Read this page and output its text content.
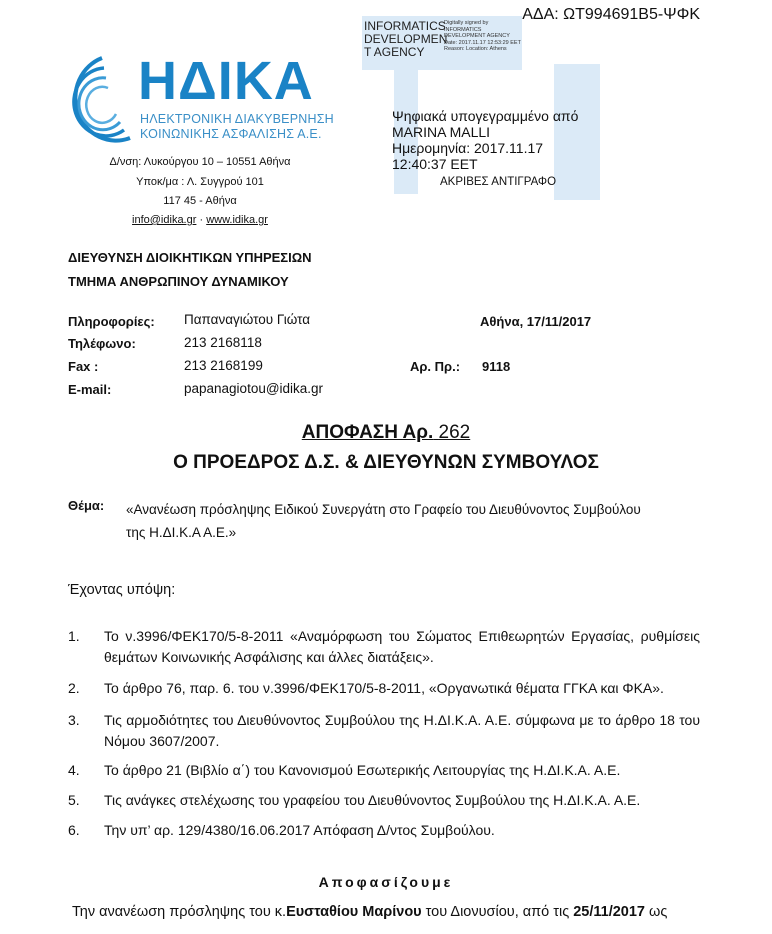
ΑΔΑ: ΩΤ994691Β5-ΨΦΚ
ΗΔΙΚΑ
ΗΛΕΚΤΡΟΝΙΚΗ ΔΙΑΚΥΒΕΡΝΗΣΗ
ΚΟΙΝΩΝΙΚΗΣ ΑΣΦΑΛΙΣΗΣ Α.Ε.
Δ/νση: Λυκούργου 10 – 10551 Αθήνα
Υποκ/μα : Λ. Συγγρού 101
117 45 - Αθήνα
info@idika.gr · www.idika.gr
INFORMATICS DEVELOPMEN T AGENCY
Digitally signed by INFORMATICS DEVELOPMENT AGENCY Date: 2017.11.17 12:53:29 EET Reason: Location: Athens
Ψηφιακά υπογεγραμμένο από
MARINA MALLI
Ημερομηνία: 2017.11.17
12:40:37 EET
ΑΚΡΙΒΕΣ ΑΝΤΙΓΡΑΦΟ
ΔΙΕΥΘΥΝΣΗ ΔΙΟΙΚΗΤΙΚΩΝ ΥΠΗΡΕΣΙΩΝ
ΤΜΗΜΑ ΑΝΘΡΩΠΙΝΟΥ ΔΥΝΑΜΙΚΟΥ
Πληροφορίες: Παπαναγιώτου Γιώτα
Τηλέφωνο:	213 2168118
Fax :	213 2168199
E-mail:	papanagiotou@idika.gr
Αθήνα, 17/11/2017
Αρ. Πρ.: 9118
ΑΠΟΦΑΣΗ Αρ. 262
Ο ΠΡΟΕΔΡΟΣ Δ.Σ. & ΔΙΕΥΘΥΝΩΝ ΣΥΜΒΟΥΛΟΣ
Θέμα: «Ανανέωση πρόσληψης Ειδικού Συνεργάτη στο Γραφείο του Διευθύνοντος Συμβούλου της Η.ΔΙ.Κ.Α Α.Ε.»
Έχοντας υπόψη:
1. Το ν.3996/ΦΕΚ170/5-8-2011 «Αναμόρφωση του Σώματος Επιθεωρητών Εργασίας, ρυθμίσεις θεμάτων Κοινωνικής Ασφάλισης και άλλες διατάξεις».
2. Το άρθρο 76, παρ. 6. του ν.3996/ΦΕΚ170/5-8-2011, «Οργανωτικά θέματα ΓΓΚΑ και ΦΚΑ».
3. Τις αρμοδιότητες του Διευθύνοντος Συμβούλου της Η.ΔΙ.Κ.Α. Α.Ε. σύμφωνα με το άρθρο 18 του Νόμου 3607/2007.
4. Το άρθρο 21 (Βιβλίο α΄) του Κανονισμού Εσωτερικής Λειτουργίας της Η.ΔΙ.Κ.Α. Α.Ε.
5. Τις ανάγκες στελέχωσης του γραφείου του Διευθύνοντος Συμβούλου της Η.ΔΙ.Κ.Α. Α.Ε.
6. Την υπ’ αρ. 129/4380/16.06.2017 Απόφαση Δ/ντος Συμβούλου.
Αποφασίζουμε
Την ανανέωση πρόσληψης του κ.Ευσταθίου Μαρίνου του Διονυσίου, από τις 25/11/2017 ως
